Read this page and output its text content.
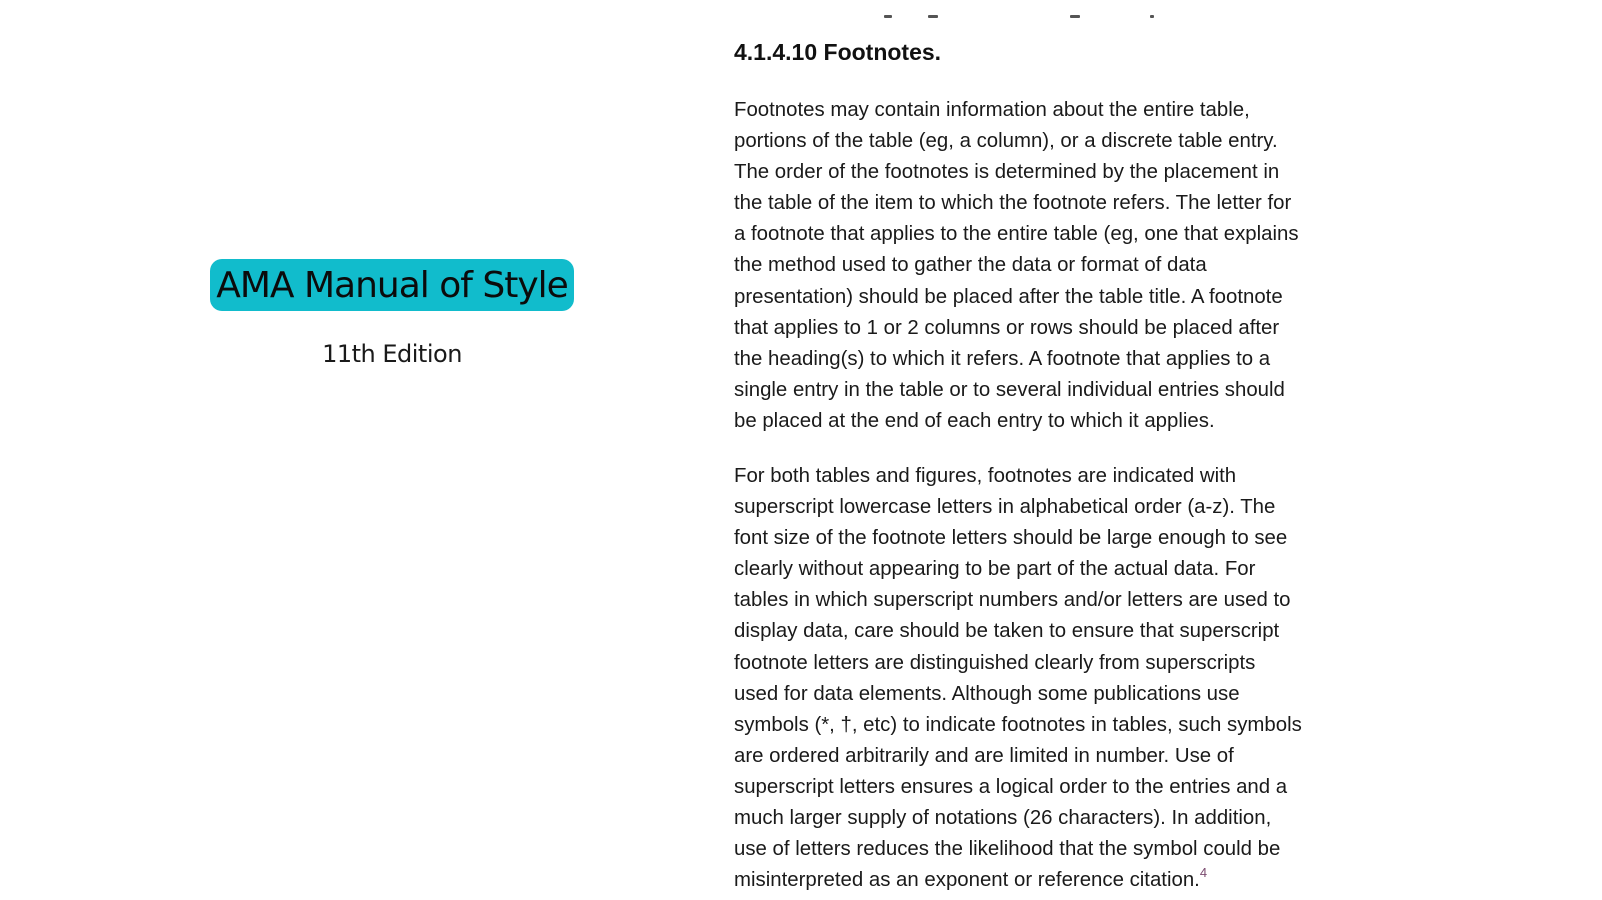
AMA Manual of Style
11th Edition
4.1.4.10 Footnotes.

Footnotes may contain information about the entire table,
portions of the table (eg, a column), or a discrete table entry.
The order of the footnotes is determined by the placement in
the table of the item to which the footnote refers. The letter for
a footnote that applies to the entire table (eg, one that explains
the method used to gather the data or format of data
presentation) should be placed after the table title. A footnote
that applies to 1 or 2 columns or rows should be placed after
the heading(s) to which it refers. A footnote that applies to a
single entry in the table or to several individual entries should
be placed at the end of each entry to which it applies.

For both tables and figures, footnotes are indicated with
superscript lowercase letters in alphabetical order (a-z). The
font size of the footnote letters should be large enough to see
clearly without appearing to be part of the actual data. For
tables in which superscript numbers and/or letters are used to
display data, care should be taken to ensure that superscript
footnote letters are distinguished clearly from superscripts
used for data elements. Although some publications use
symbols (*, †, etc) to indicate footnotes in tables, such symbols
are ordered arbitrarily and are limited in number. Use of
superscript letters ensures a logical order to the entries and a
much larger supply of notations (26 characters). In addition,
use of letters reduces the likelihood that the symbol could be
misinterpreted as an exponent or reference citation.$^4$
